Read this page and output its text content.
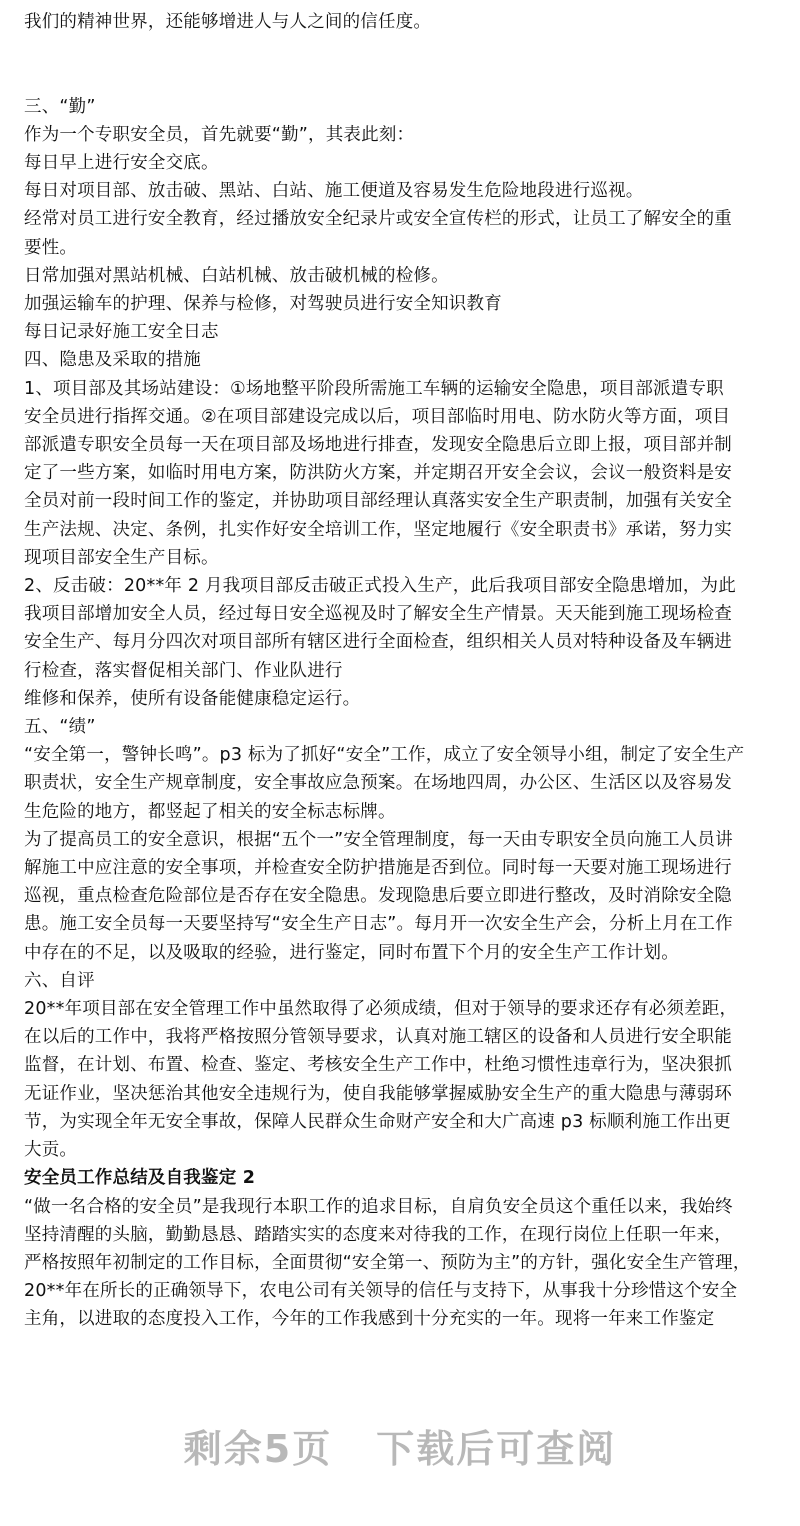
我们的精神世界，还能够增进人与人之间的信任度。
三、“勤”
作为一个专职安全员，首先就要“勤”，其表此刻：
每日早上进行安全交底。
每日对项目部、放击破、黑站、白站、施工便道及容易发生危险地段进行巡视。
经常对员工进行安全教育，经过播放安全纪录片或安全宣传栏的形式，让员工了解安全的重
要性。
日常加强对黑站机械、白站机械、放击破机械的检修。
加强运输车的护理、保养与检修，对驾驶员进行安全知识教育
每日记录好施工安全日志
四、隐患及采取的措施
1、项目部及其场站建设：①场地整平阶段所需施工车辆的运输安全隐患，项目部派遣专职
安全员进行指挥交通。②在项目部建设完成以后，项目部临时用电、防水防火等方面，项目
部派遣专职安全员每一天在项目部及场地进行排查，发现安全隐患后立即上报，项目部并制
定了一些方案，如临时用电方案，防洪防火方案，并定期召开安全会议，会议一般资料是安
全员对前一段时间工作的鉴定，并协助项目部经理认真落实安全生产职责制，加强有关安全
生产法规、决定、条例，扎实作好安全培训工作，坚定地履行《安全职责书》承诺，努力实
现项目部安全生产目标。
2、反击破：20**年 2 月我项目部反击破正式投入生产，此后我项目部安全隐患增加，为此
我项目部增加安全人员，经过每日安全巡视及时了解安全生产情景。天天能到施工现场检查
安全生产、每月分四次对项目部所有辖区进行全面检查，组织相关人员对特种设备及车辆进
行检查，落实督促相关部门、作业队进行
维修和保养，使所有设备能健康稳定运行。
五、“绩”
“安全第一，警钟长鸣”。p3 标为了抓好“安全”工作，成立了安全领导小组，制定了安全生产
职责状，安全生产规章制度，安全事故应急预案。在场地四周，办公区、生活区以及容易发
生危险的地方，都竖起了相关的安全标志标牌。
为了提高员工的安全意识，根据“五个一”安全管理制度，每一天由专职安全员向施工人员讲
解施工中应注意的安全事项，并检查安全防护措施是否到位。同时每一天要对施工现场进行
巡视，重点检查危险部位是否存在安全隐患。发现隐患后要立即进行整改，及时消除安全隐
患。施工安全员每一天要坚持写“安全生产日志”。每月开一次安全生产会，分析上月在工作
中存在的不足，以及吸取的经验，进行鉴定，同时布置下个月的安全生产工作计划。
六、自评
20**年项目部在安全管理工作中虽然取得了必须成绩，但对于领导的要求还存有必须差距，
在以后的工作中，我将严格按照分管领导要求，认真对施工辖区的设备和人员进行安全职能
监督，在计划、布置、检查、鉴定、考核安全生产工作中，杜绝习惯性违章行为，坚决狠抓
无证作业，坚决惩治其他安全违规行为，使自我能够掌握威胁安全生产的重大隐患与薄弱环
节，为实现全年无安全事故，保障人民群众生命财产安全和大广高速 p3 标顺利施工作出更
大贡。
安全员工作总结及自我鉴定 2
“做一名合格的安全员”是我现行本职工作的追求目标，自肩负安全员这个重任以来，我始终
坚持清醒的头脑，勤勤恳恳、踏踏实实的态度来对待我的工作，在现行岗位上任职一年来，
严格按照年初制定的工作目标，全面贯彻“安全第一、预防为主”的方针，强化安全生产管理，
20**年在所长的正确领导下，农电公司有关领导的信任与支持下，从事我十分珍惜这个安全
主角，以进取的态度投入工作，今年的工作我感到十分充实的一年。现将一年来工作鉴定
剩余5页 下载后可查阅
